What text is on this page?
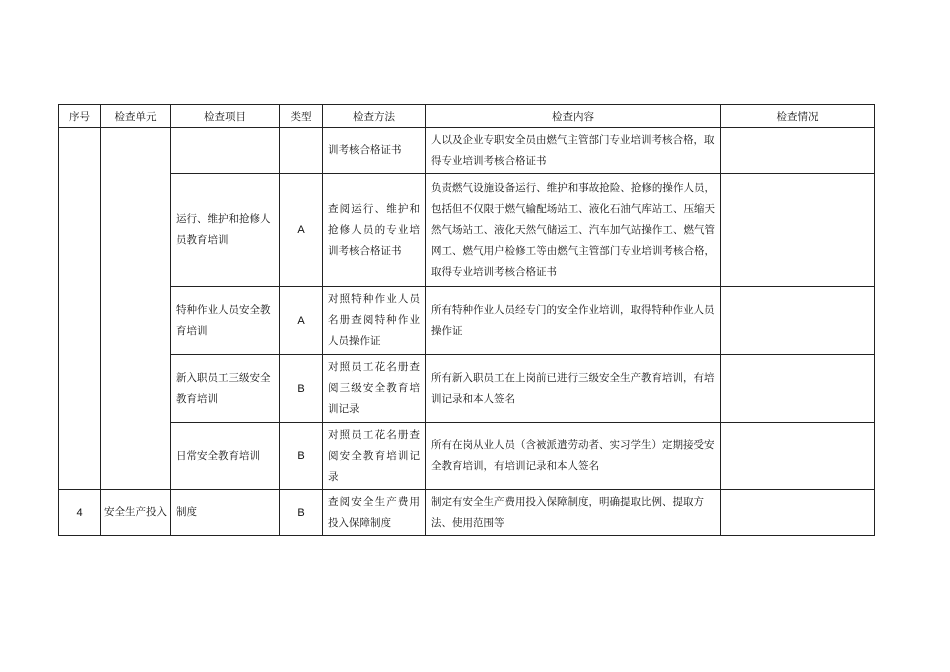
序号	检查单元	检查项目	类型	检查方法	检查内容	检查情况

				训考核合格证书	人以及企业专职安全员由燃气主管部门专业培训考核合格，取得专业培训考核合格证书	

		运行、维护和抢修人员教育培训	A	查阅运行、维护和抢修人员的专业培训考核合格证书	负责燃气设施设备运行、维护和事故抢险、抢修的操作人员，包括但不仅限于燃气输配场站工、液化石油气库站工、压缩天然气场站工、液化天然气储运工、汽车加气站操作工、燃气管网工、燃气用户检修工等由燃气主管部门专业培训考核合格，取得专业培训考核合格证书	

		特种作业人员安全教育培训	A	对照特种作业人员名册查阅特种作业人员操作证	所有特种作业人员经专门的安全作业培训，取得特种作业人员操作证	

		新入职员工三级安全教育培训	B	对照员工花名册查阅三级安全教育培训记录	所有新入职员工在上岗前已进行三级安全生产教育培训，有培训记录和本人签名	

		日常安全教育培训	B	对照员工花名册查阅安全教育培训记录	所有在岗从业人员（含被派遣劳动者、实习学生）定期接受安全教育培训，有培训记录和本人签名	

4	安全生产投入	制度	B	查阅安全生产费用投入保障制度	制定有安全生产费用投入保障制度，明确提取比例、提取方法、使用范围等	
